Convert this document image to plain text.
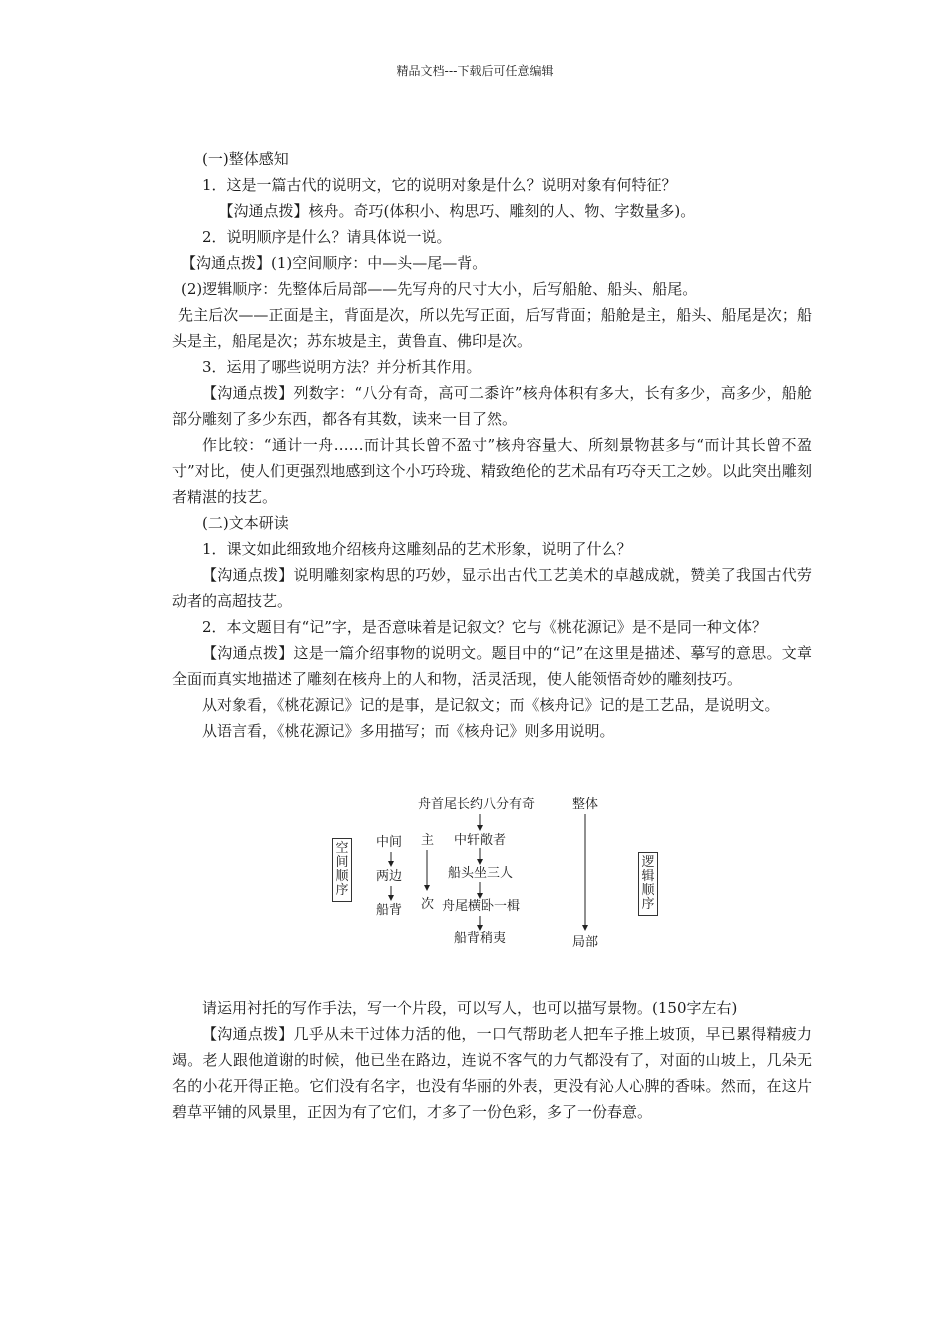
精品文档---下载后可任意编辑

(一)整体感知

1．这是一篇古代的说明文，它的说明对象是什么？说明对象有何特征？

【沟通点拨】核舟。奇巧(体积小、构思巧、雕刻的人、物、字数量多)。

2．说明顺序是什么？请具体说一说。

【沟通点拨】(1)空间顺序：中—头—尾—背。

(2)逻辑顺序：先整体后局部——先写舟的尺寸大小，后写船舱、船头、船尾。

先主后次——正面是主，背面是次，所以先写正面，后写背面；船舱是主，船头、船尾是次；船头是主，船尾是次；苏东坡是主，黄鲁直、佛印是次。

3．运用了哪些说明方法？并分析其作用。

【沟通点拨】列数字：“八分有奇，高可二黍许”核舟体积有多大，长有多少，高多少，船舱部分雕刻了多少东西，都各有其数，读来一目了然。

作比较：“通计一舟……而计其长曾不盈寸”核舟容量大、所刻景物甚多与“而计其长曾不盈寸”对比，使人们更强烈地感到这个小巧玲珑、精致绝伦的艺术品有巧夺天工之妙。以此突出雕刻者精湛的技艺。

(二)文本研读

1．课文如此细致地介绍核舟这雕刻品的艺术形象，说明了什么？

【沟通点拨】说明雕刻家构思的巧妙，显示出古代工艺美术的卓越成就，赞美了我国古代劳动者的高超技艺。

2．本文题目有“记”字，是否意味着是记叙文？它与《桃花源记》是不是同一种文体？

【沟通点拨】这是一篇介绍事物的说明文。题目中的“记”在这里是描述、摹写的意思。文章全面而真实地描述了雕刻在核舟上的人和物，活灵活现，使人能领悟奇妙的雕刻技巧。

从对象看，《桃花源记》记的是事，是记叙文；而《核舟记》记的是工艺品，是说明文。

从语言看，《桃花源记》多用描写；而《核舟记》则多用说明。

空间顺序
逻辑顺序
中间
两边
船背
主
次
舟首尾长约八分有奇
中轩敞者
船头坐三人
舟尾横卧一楫
船背稍夷
整体
局部

请运用衬托的写作手法，写一个片段，可以写人，也可以描写景物。(150字左右)

【沟通点拨】几乎从未干过体力活的他，一口气帮助老人把车子推上坡顶，早已累得精疲力竭。老人跟他道谢的时候，他已坐在路边，连说不客气的力气都没有了，对面的山坡上，几朵无名的小花开得正艳。它们没有名字，也没有华丽的外表，更没有沁人心脾的香味。然而，在这片碧草平铺的风景里，正因为有了它们，才多了一份色彩，多了一份春意。
